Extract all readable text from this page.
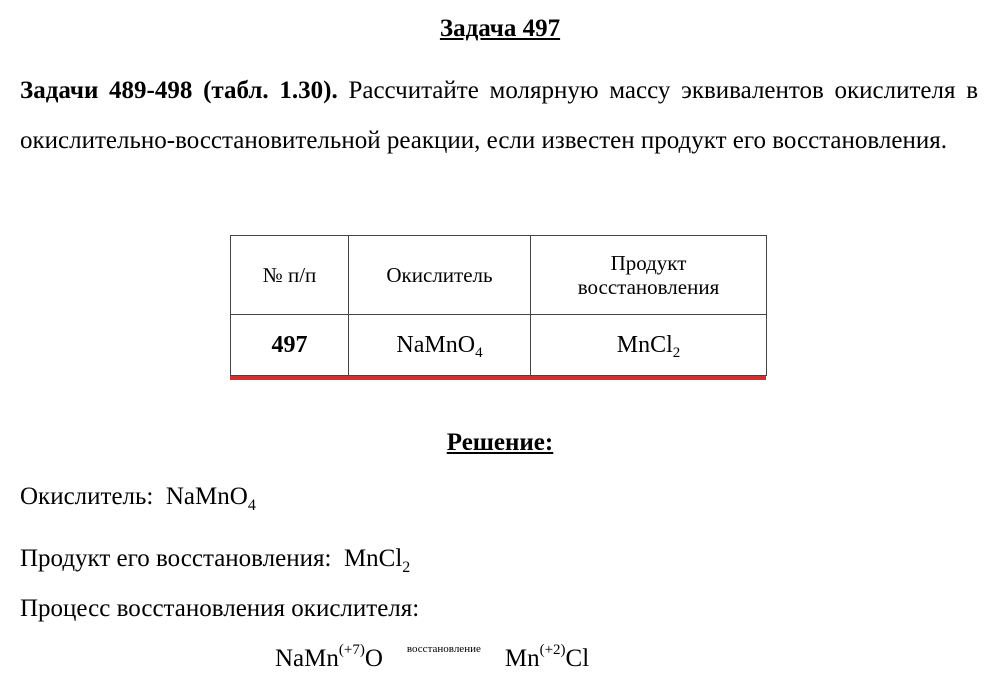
Задача 497

Задачи 489-498 (табл. 1.30). Рассчитайте молярную массу эквивалентов окислителя в окислительно-восстановительной реакции, если известен продукт его восстановления.

№ п/п	Окислитель	Продукт восстановления
497	NaMnO$_4$	MnCl$_2$
Решение:
Окислитель: NaMnO$_4$
Продукт его восстановления: MnCl$_2$
Процесс восстановления окислителя:
NaMn$^{(+7)}$O $^{восстановление}$ $Mn^{(+2)}Cl$
